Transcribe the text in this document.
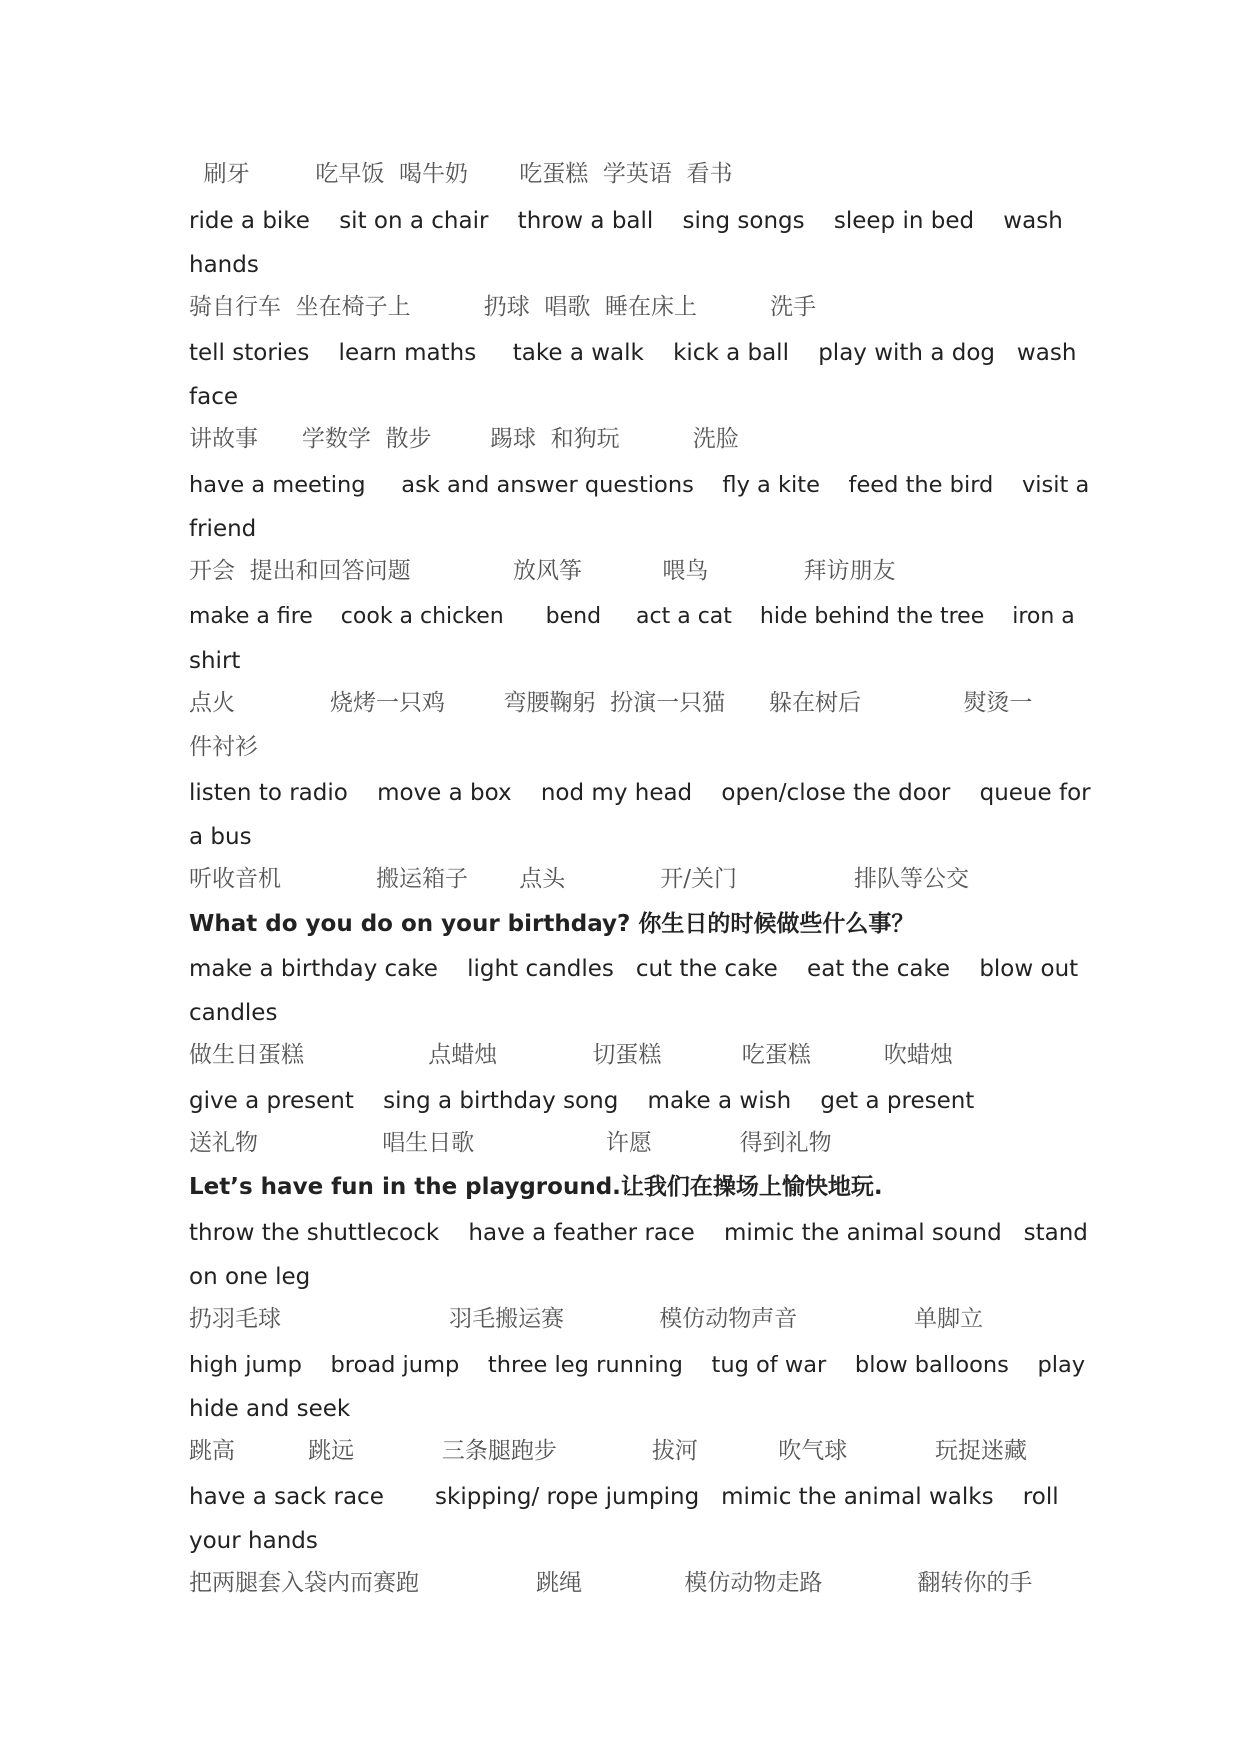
刷牙         吃早饭  喝牛奶       吃蛋糕  学英语  看书
ride a bike    sit on a chair    throw a ball    sing songs    sleep in bed    wash
hands
骑自行车  坐在椅子上          扔球  唱歌  睡在床上          洗手
tell stories    learn maths     take a walk    kick a ball    play with a dog   wash
face
讲故事      学数学  散步        踢球  和狗玩          洗脸
have a meeting     ask and answer questions    fly a kite    feed the bird    visit a
friend
开会  提出和回答问题              放风筝           喂鸟             拜访朋友
make a fire    cook a chicken      bend     act a cat    hide behind the tree    iron a
shirt
点火             烧烤一只鸡        弯腰鞠躬  扮演一只猫      躲在树后              熨烫一
件衬衫
listen to radio    move a box    nod my head    open/close the door    queue for
a bus
听收音机             搬运箱子       点头             开/关门                排队等公交
What do you do on your birthday? 你生日的时候做些什么事？
make a birthday cake    light candles   cut the cake    eat the cake    blow out
candles
做生日蛋糕                 点蜡烛             切蛋糕           吃蛋糕          吹蜡烛
give a present    sing a birthday song    make a wish    get a present
送礼物                 唱生日歌                  许愿            得到礼物
Let’s have fun in the playground.让我们在操场上愉快地玩.
throw the shuttlecock    have a feather race    mimic the animal sound   stand
on one leg
扔羽毛球                       羽毛搬运赛             模仿动物声音                单脚立
high jump    broad jump    three leg running    tug of war    blow balloons    play
hide and seek
跳高          跳远            三条腿跑步             拔河           吹气球            玩捉迷藏
have a sack race       skipping/ rope jumping   mimic the animal walks    roll
your hands
把两腿套入袋内而赛跑                跳绳              模仿动物走路             翻转你的手
